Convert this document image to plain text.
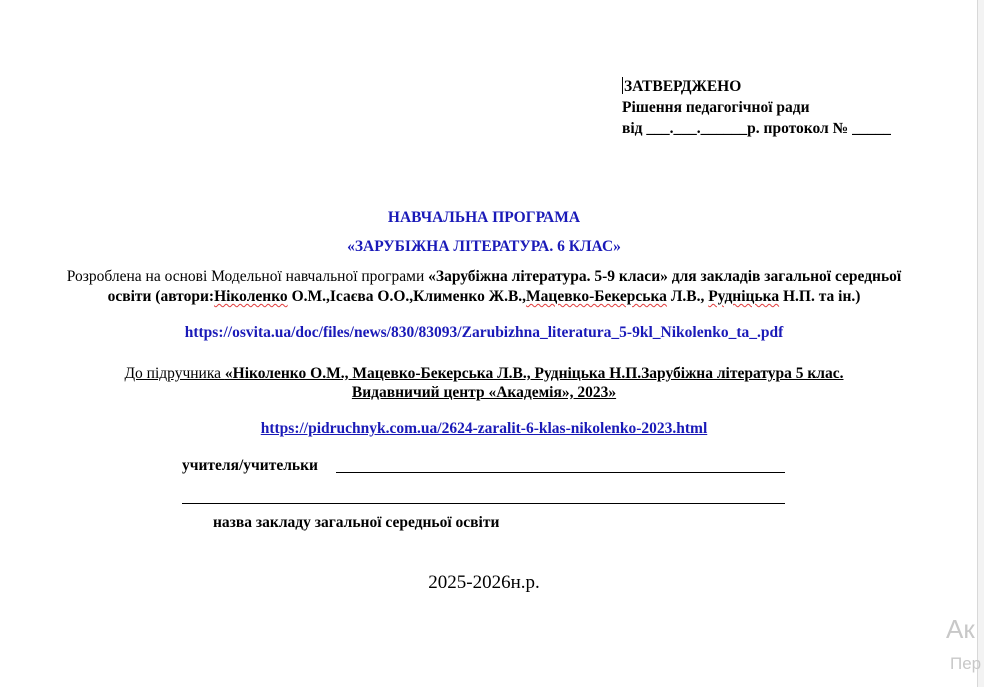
ЗАТВЕРДЖЕНО
Рішення педагогічної ради
від ___.___.______р. протокол № _____
НАВЧАЛЬНА ПРОГРАМА
«ЗАРУБІЖНА ЛІТЕРАТУРА. 6 КЛАС»
Розроблена на основі Модельної навчальної програми «Зарубіжна література. 5-9 класи» для закладів загальної середньої
освіти (автори:Ніколенко О.М.,Ісаєва О.О.,Клименко Ж.В.,Мацевко-Бекерська Л.В., Рудніцька Н.П. та ін.)
https://osvita.ua/doc/files/news/830/83093/Zarubizhna_literatura_5-9kl_Nikolenko_ta_.pdf
До підручника «Ніколенко О.М., Мацевко-Бекерська Л.В., Рудніцька Н.П.Зарубіжна література 5 клас.
Видавничий центр «Академія», 2023»
https://pidruchnyk.com.ua/2624-zaralit-6-klas-nikolenko-2023.html
учителя/учительки
назва закладу загальної середньої освіти
2025-2026н.р.
Ак
Пер
